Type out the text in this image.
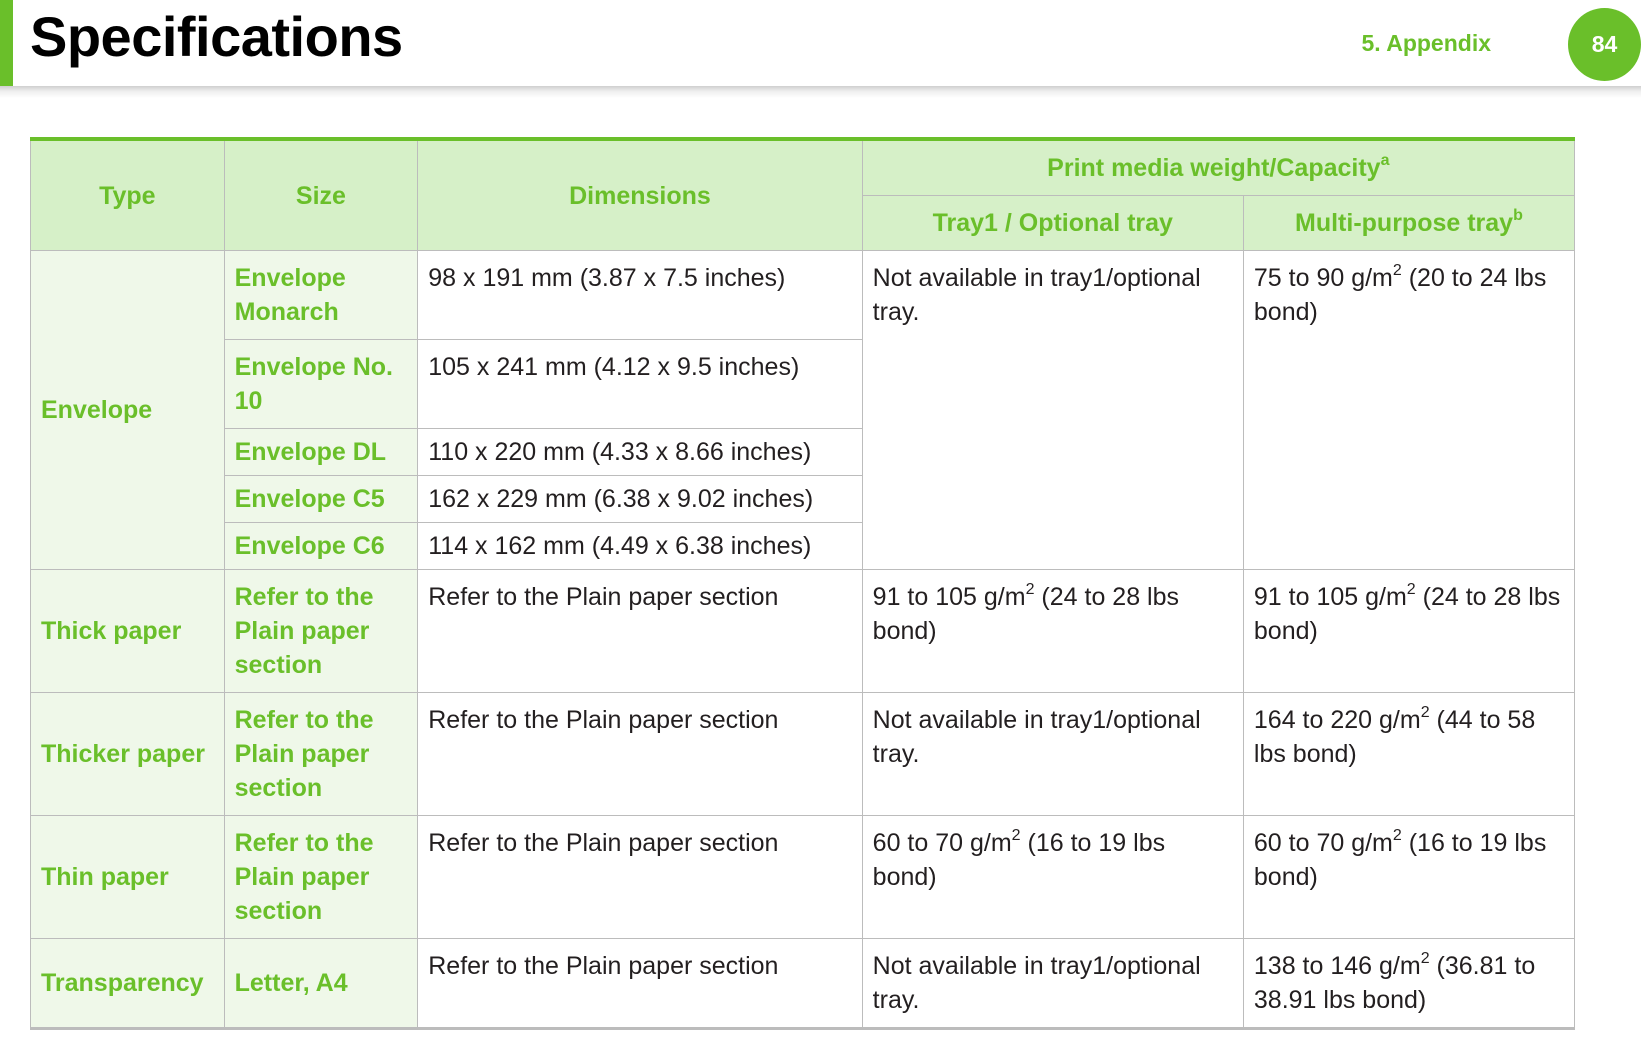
Specifications	5. Appendix	84
Type	Size	Dimensions	Print media weight/Capacity$^a$
			Tray1 / Optional tray	Multi-purpose tray$^b$
Envelope	Envelope Monarch	98 x 191 mm (3.87 x 7.5 inches)	Not available in tray1/optional tray.	75 to 90 $g/m^2$ (20 to 24 lbs bond)
	Envelope No. 10	105 x 241 mm (4.12 x 9.5 inches)		
	Envelope DL	110 x 220 mm (4.33 x 8.66 inches)		
	Envelope C5	162 x 229 mm (6.38 x 9.02 inches)		
	Envelope C6	114 x 162 mm (4.49 x 6.38 inches)		
Thick paper	Refer to the Plain paper section	Refer to the Plain paper section	91 to 105 $g/m^2$ (24 to 28 lbs bond)	91 to 105 $g/m^2$ (24 to 28 lbs bond)
Thicker paper	Refer to the Plain paper section	Refer to the Plain paper section	Not available in tray1/optional tray.	164 to 220 $g/m^2$ (44 to 58 lbs bond)
Thin paper	Refer to the Plain paper section	Refer to the Plain paper section	60 to 70 $g/m^2$ (16 to 19 lbs bond)	60 to 70 $g/m^2$ (16 to 19 lbs bond)
Transparency	Letter, A4	Refer to the Plain paper section	Not available in tray1/optional tray.	138 to 146 $g/m^2$ (36.81 to 38.91 lbs bond)
